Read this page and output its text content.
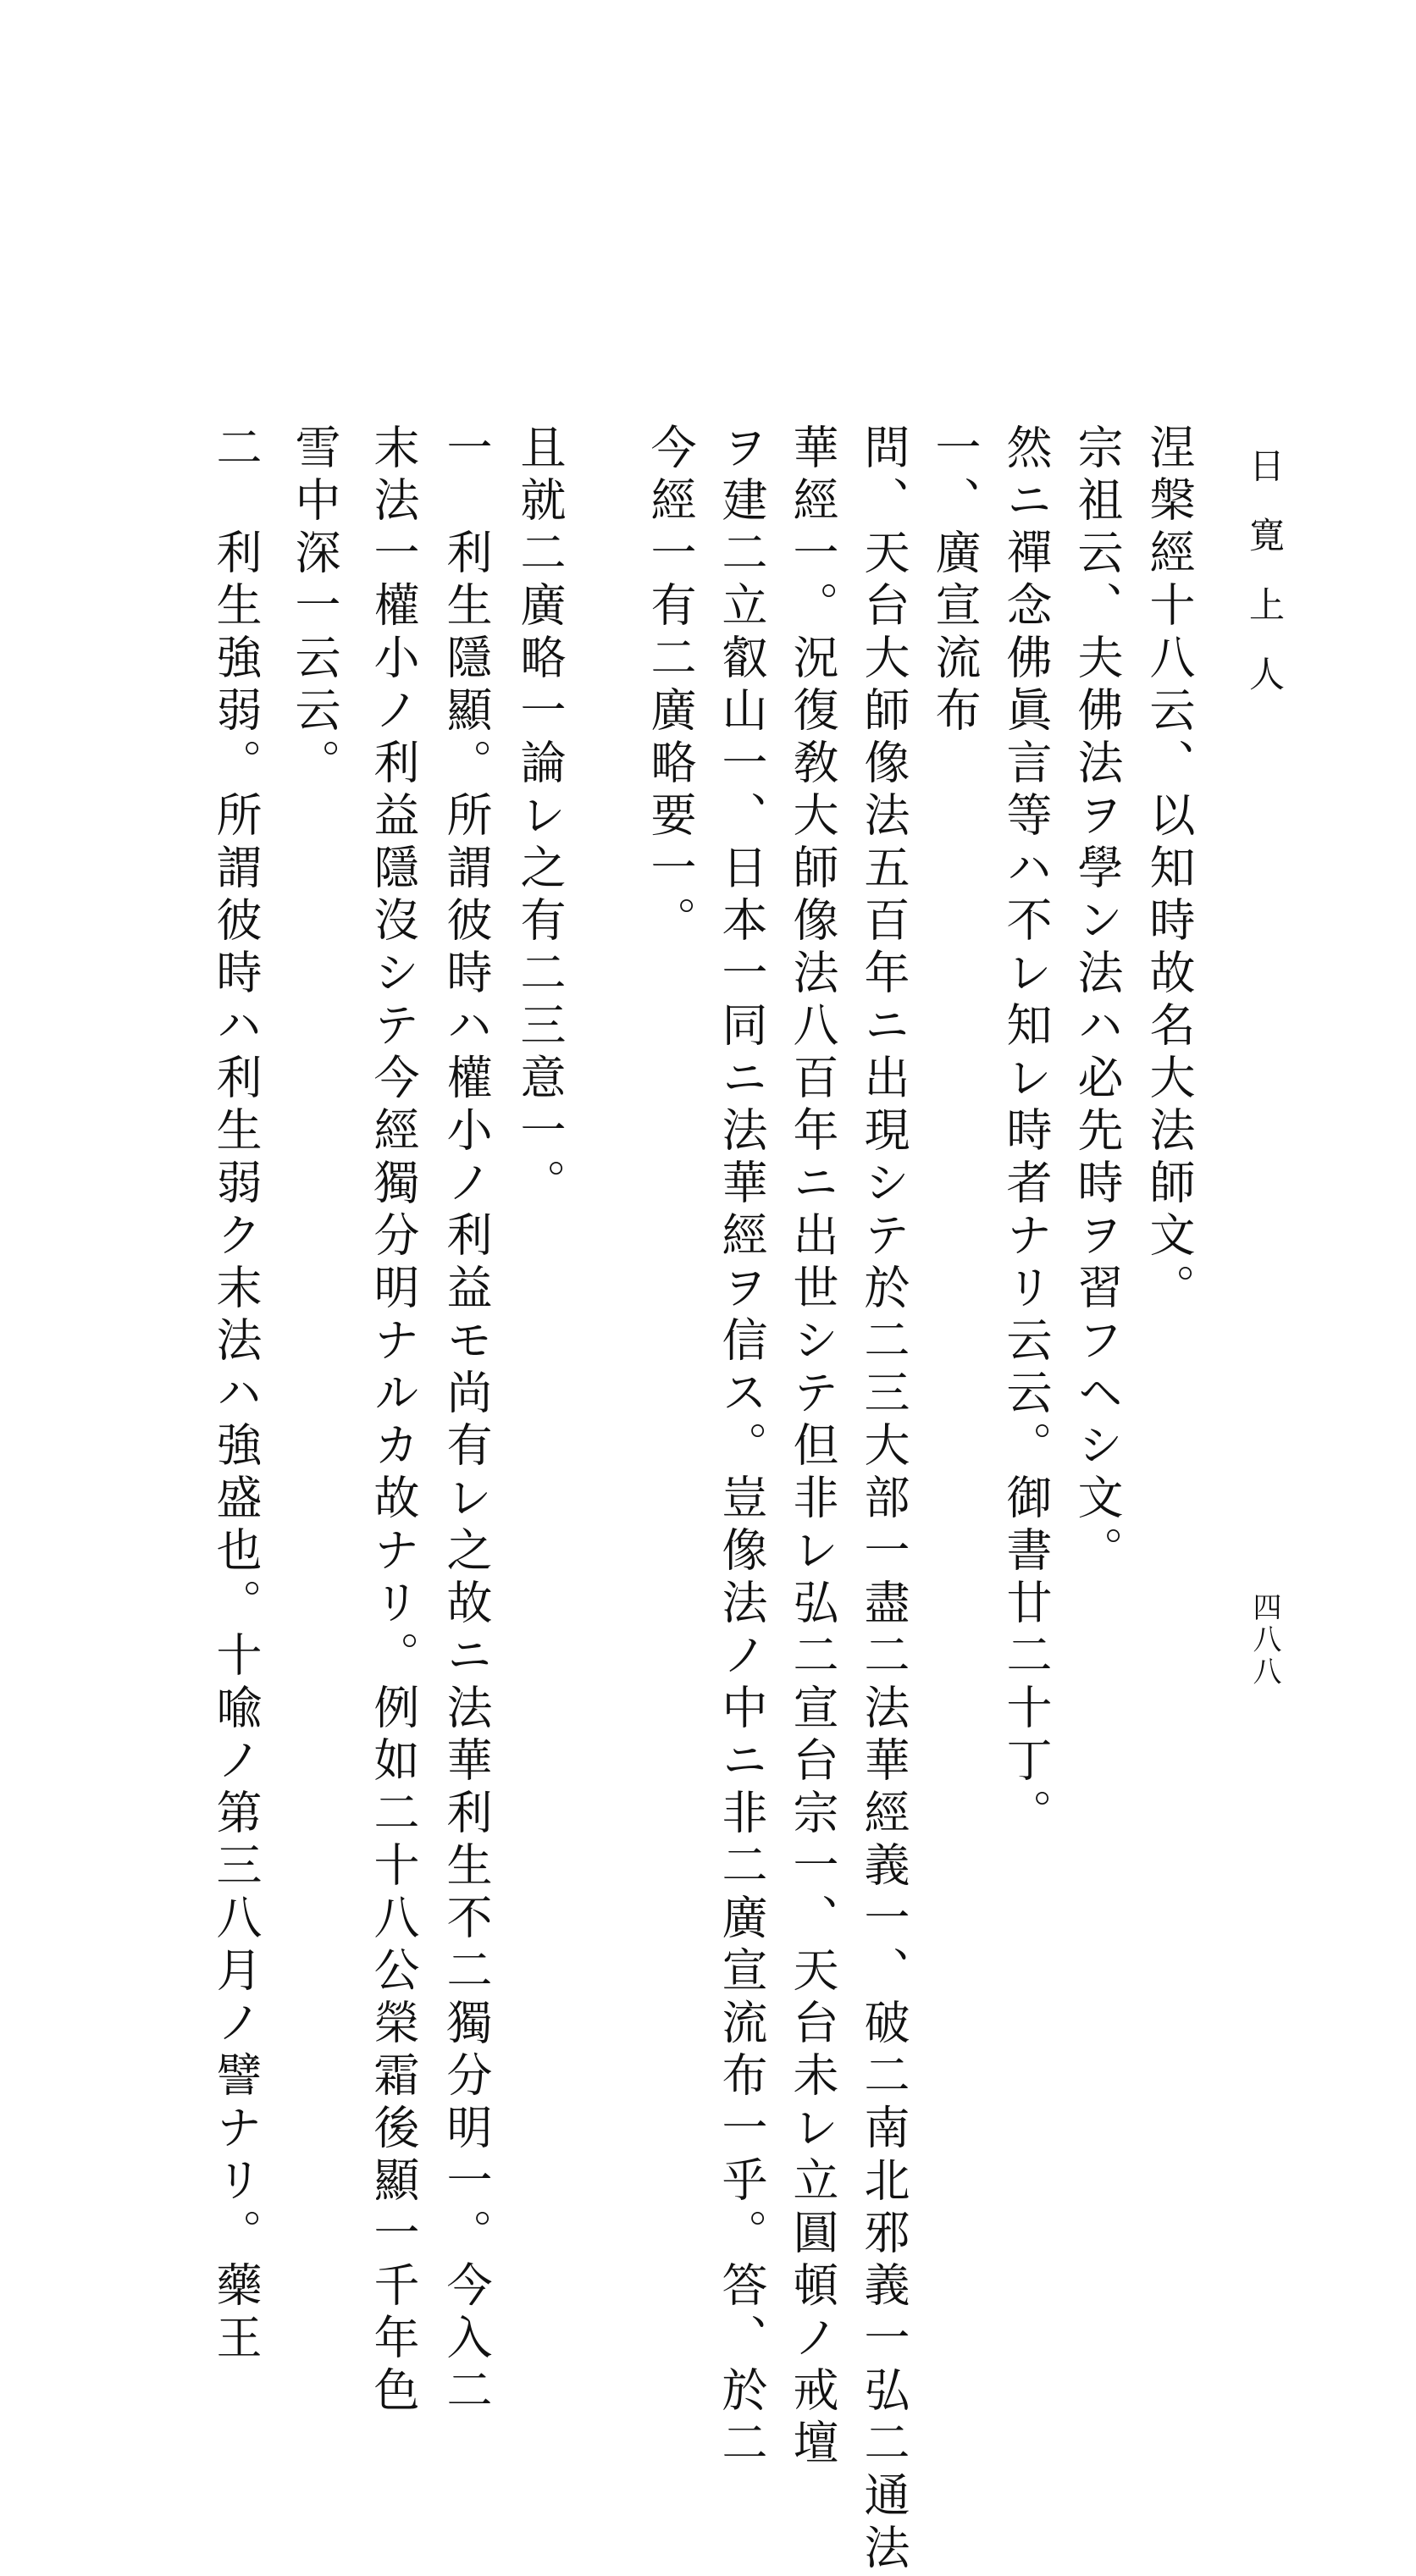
日寛上人
四八八
涅槃經十八云、以知時故名大法師文。
宗祖云、夫佛法ヲ學ン法ハ必先時ヲ習フヘシ文。
然ニ禪念佛眞言等ハ不レ知レ時者ナリ云云。御書廿二十丁。
一、廣宣流布
問、天台大師像法五百年ニ出現シテ於二三大部一盡二法華經義一、破二南北邪義一弘二通法
華經一。況復敎大師像法八百年ニ出世シテ但非レ弘二宣台宗一、天台未レ立圓頓ノ戒壇
ヲ建二立叡山一、日本一同ニ法華經ヲ信ス。豈像法ノ中ニ非二廣宣流布一乎。答、於二
今經一有二廣略要一。
且就二廣略一論レ之有二三意一。
一　利生隱顯。所謂彼時ハ權小ノ利益モ尚有レ之故ニ法華利生不二獨分明一。今入二
末法一權小ノ利益隱沒シテ今經獨分明ナルカ故ナリ。例如二十八公榮霜後顯一千年色
雪中深一云云。
二　利生強弱。所謂彼時ハ利生弱ク末法ハ強盛也。十喩ノ第三八月ノ譬ナリ。藥王
